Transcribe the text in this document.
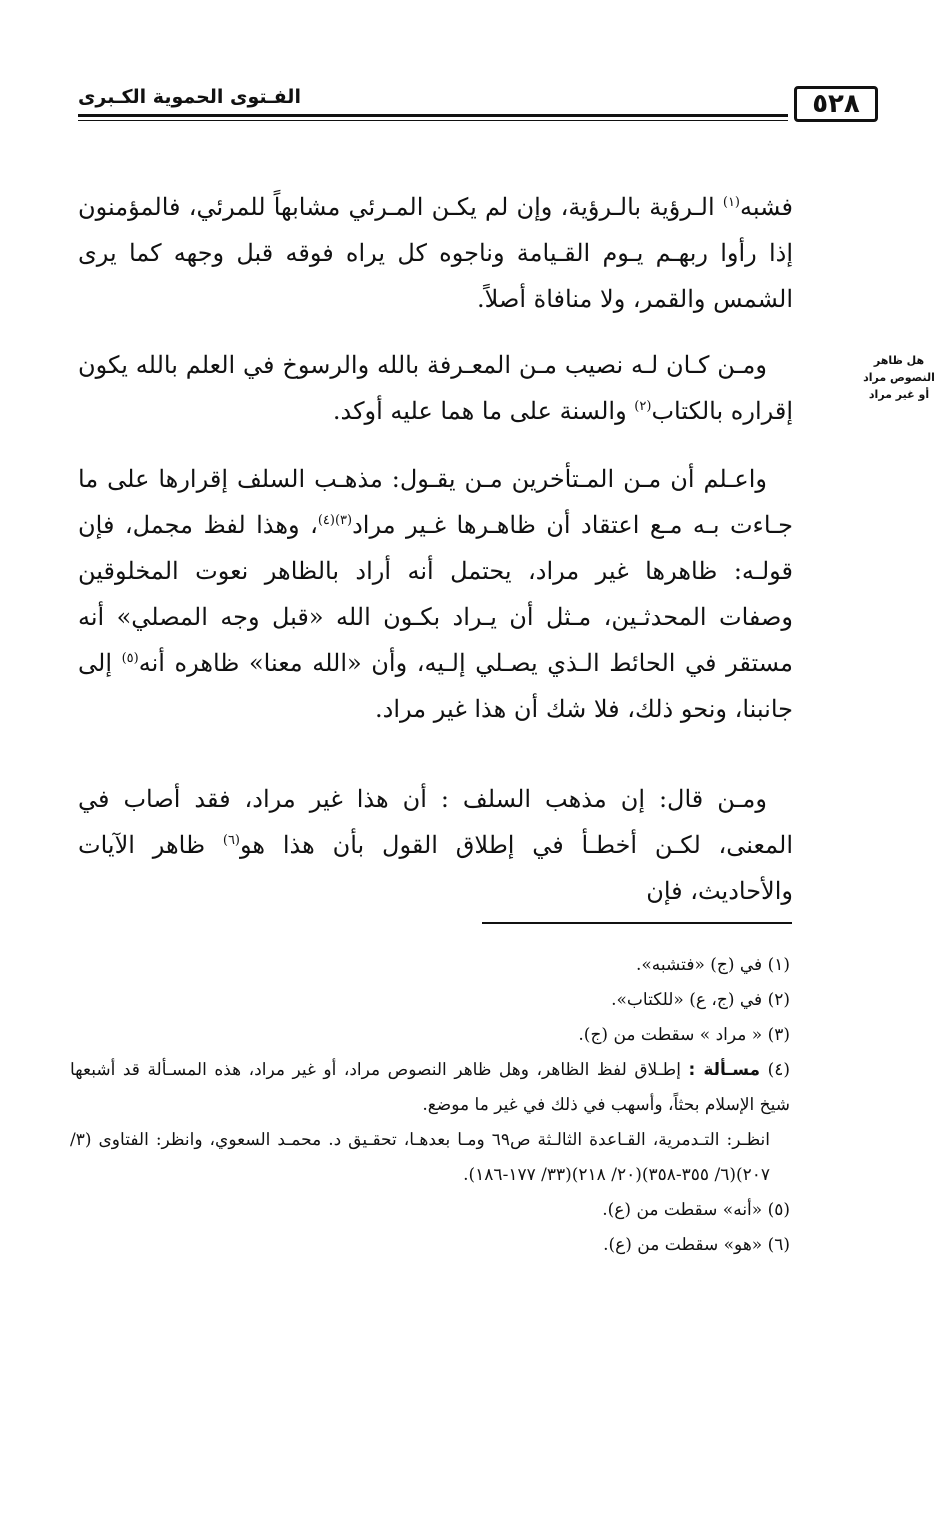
٥٢٨
الفـتوى الحموية الكـبرى
هل ظاهر النصوص مراد أو غير مراد

فشبه$^{(١)}$ الـرؤية بالـرؤية، وإن لم يكـن المـرئي مشابهاً للمرئي، فالمؤمنون إذا رأوا ربهـم يـوم القـيامة وناجوه كل يراه فوقه قبل وجهه كما يرى الشمس والقمر، ولا منافاة أصلاً.

ومـن كـان لـه نصيب مـن المعـرفة بالله والرسوخ في العلم بالله يكون إقراره بالكتاب$^{(٢)}$ والسنة على ما هما عليه أوكد.

واعـلم أن مـن المـتأخرين مـن يقـول: مذهـب السلف إقرارها على ما جـاءت بـه مـع اعتقاد أن ظاهـرها غـير مراد$^{(٣)(٤)}$، وهذا لفظ مجمل، فإن قولـه: ظاهرها غير مراد، يحتمل أنه أراد بالظاهر نعوت المخلوقين وصفات المحدثـين، مـثل أن يـراد بكـون الله «قبل وجه المصلي» أنه مستقر في الحائط الـذي يصـلي إلـيه، وأن «الله معنا» ظاهره أنه$^{(٥)}$ إلى جانبنا، ونحو ذلك، فلا شك أن هذا غير مراد.

ومـن قال: إن مذهب السلف : أن هذا غير مراد، فقد أصاب في المعنى، لكـن أخطـأ في إطلاق القول بأن هذا هو$^{(٦)}$ ظاهر الآيات والأحاديث، فإن

(١) في (ج) «فتشبه».

(٢) في (ج، ع) «للكتاب».

(٣) « مراد » سقطت من (ج).

(٤) مسـألة : إطـلاق لفظ الظاهر، وهل ظاهر النصوص مراد، أو غير مراد، هذه المسـألة قد أشبعها شيخ الإسلام بحثاً، وأسهب في ذلك في غير ما موضع.

انظـر: التـدمرية، القـاعدة الثالـثة ص٦٩ ومـا بعدهـا، تحقـيق د. محمـد السعوي، وانظر: الفتاوى (٣/ ٢٠٧)(٦/ ٣٥٥-٣٥٨)(٢٠/ ٢١٨)(٣٣/ ١٧٧-١٨٦).

(٥) «أنه» سقطت من (ع).

(٦) «هو» سقطت من (ع).
